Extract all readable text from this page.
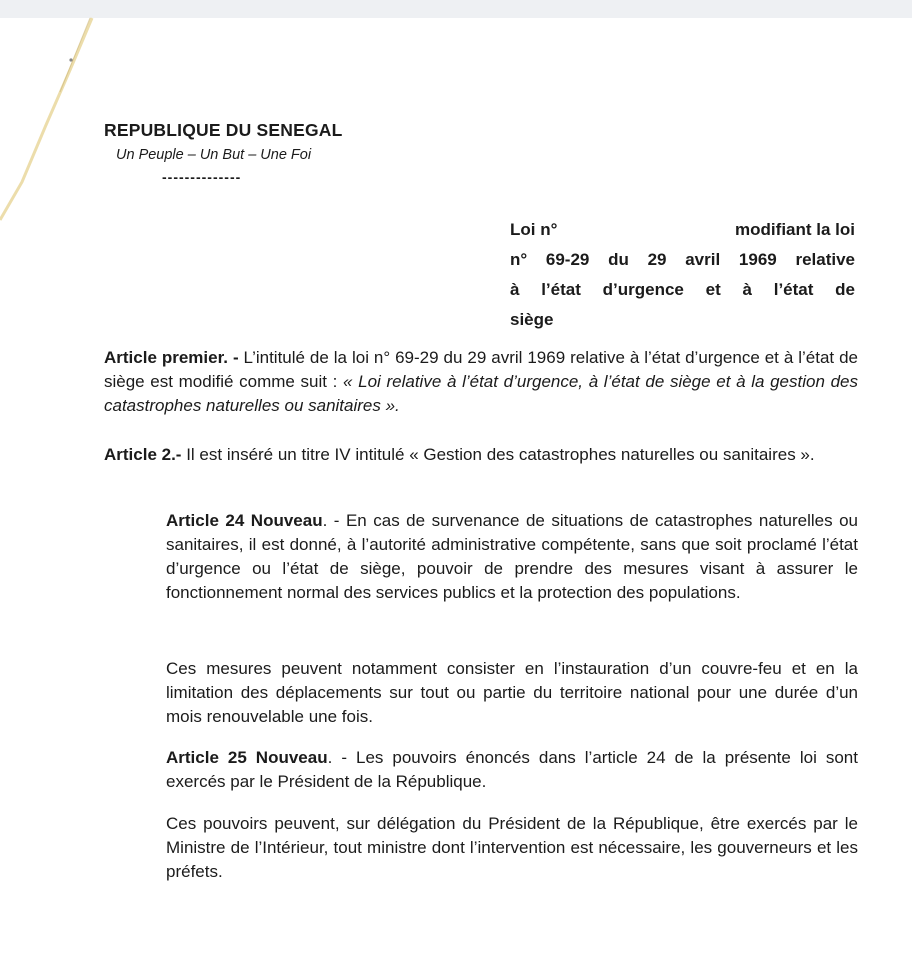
REPUBLIQUE DU SENEGAL
Un Peuple – Un But – Une Foi
--------------
Loi n°	modifiant la loi
n° 69-29 du 29 avril 1969 relative
à l’état d’urgence et à l’état de
siège

Article premier. - L’intitulé de la loi n° 69-29 du 29 avril 1969 relative à l’état d’urgence et à l’état de siège est modifié comme suit : « Loi relative à l’état d’urgence, à l’état de siège et à la gestion des catastrophes naturelles ou sanitaires ».

Article 2.- Il est inséré un titre IV intitulé « Gestion des catastrophes naturelles ou sanitaires ».

Article 24 Nouveau. - En cas de survenance de situations de catastrophes naturelles ou sanitaires, il est donné, à l’autorité administrative compétente, sans que soit proclamé l’état d’urgence ou l’état de siège, pouvoir de prendre des mesures visant à assurer le fonctionnement normal des services publics et la protection des populations.

Ces mesures peuvent notamment consister en l’instauration d’un couvre-feu et en la limitation des déplacements sur tout ou partie du territoire national pour une durée d’un mois renouvelable une fois.

Article 25 Nouveau. - Les pouvoirs énoncés dans l’article 24 de la présente loi sont exercés par le Président de la République.

Ces pouvoirs peuvent, sur délégation du Président de la République, être exercés par le Ministre de l’Intérieur, tout ministre dont l’intervention est nécessaire, les gouverneurs et les préfets.
